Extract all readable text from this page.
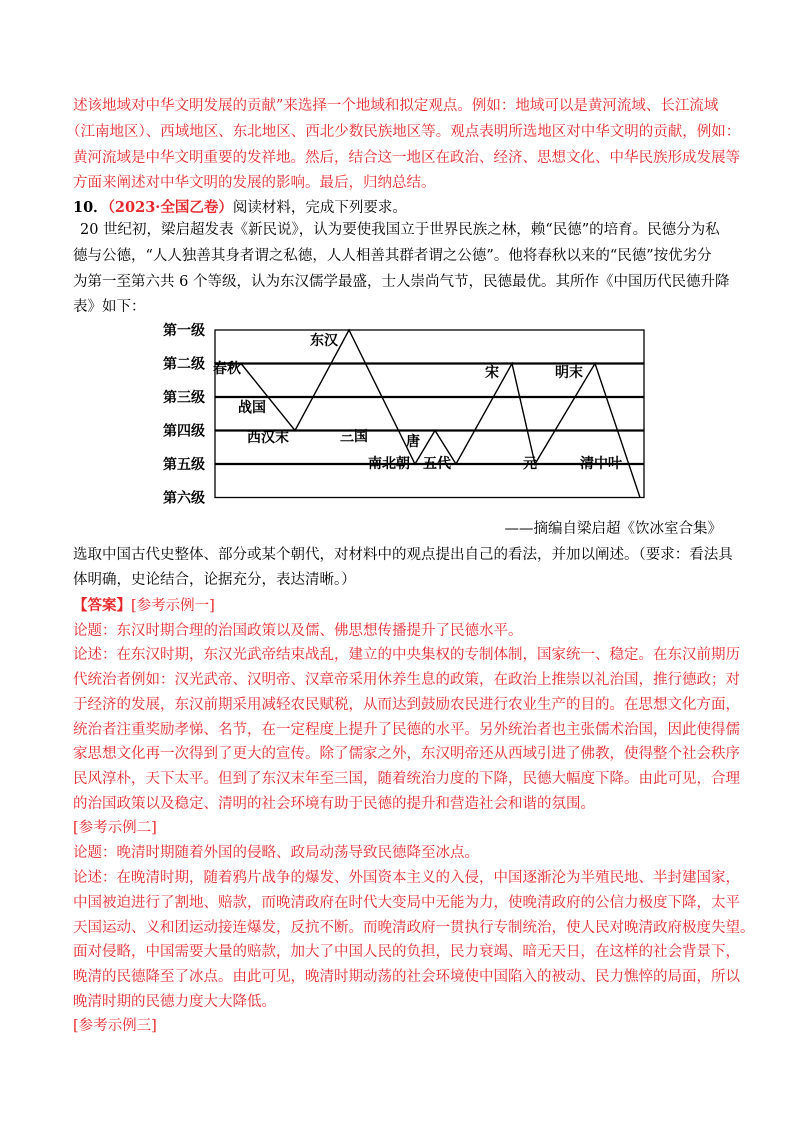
述该地域对中华文明发展的贡献”来选择一个地域和拟定观点。例如：地域可以是黄河流域、长江流域
（江南地区）、西域地区、东北地区、西北少数民族地区等。观点表明所选地区对中华文明的贡献，例如：
黄河流域是中华文明重要的发祥地。然后，结合这一地区在政治、经济、思想文化、中华民族形成发展等
方面来阐述对中华文明的发展的影响。最后，归纳总结。
10．（2023·全国乙卷）阅读材料，完成下列要求。
20 世纪初，梁启超发表《新民说》，认为要使我国立于世界民族之林，赖“民德”的培育。民德分为私
德与公德，“人人独善其身者谓之私德，人人相善其群者谓之公德”。他将春秋以来的“民德”按优劣分
为第一至第六共 6 个等级，认为东汉儒学最盛，士人崇尚气节，民德最优。其所作《中国历代民德升降
表》如下：
第一级
第二级
第三级
第四级
第五级
第六级
春秋
战国
西汉末
东汉
三国
南北朝
唐
五代
宋
元
明末
清中叶
——摘编自梁启超《饮冰室合集》
选取中国古代史整体、部分或某个朝代，对材料中的观点提出自己的看法，并加以阐述。（要求：看法具
体明确，史论结合，论据充分，表达清晰。）
【答案】[参考示例一]
论题：东汉时期合理的治国政策以及儒、佛思想传播提升了民德水平。
论述：在东汉时期，东汉光武帝结束战乱，建立的中央集权的专制体制，国家统一、稳定。在东汉前期历
代统治者例如：汉光武帝、汉明帝、汉章帝采用休养生息的政策，在政治上推崇以礼治国，推行德政；对
于经济的发展，东汉前期采用减轻农民赋税，从而达到鼓励农民进行农业生产的目的。在思想文化方面，
统治者注重奖励孝悌、名节，在一定程度上提升了民德的水平。另外统治者也主张儒术治国，因此使得儒
家思想文化再一次得到了更大的宣传。除了儒家之外，东汉明帝还从西域引进了佛教，使得整个社会秩序
民风淳朴，天下太平。但到了东汉末年至三国，随着统治力度的下降，民德大幅度下降。由此可见，合理
的治国政策以及稳定、清明的社会环境有助于民德的提升和营造社会和谐的氛围。
[参考示例二]
论题：晚清时期随着外国的侵略、政局动荡导致民德降至冰点。
论述：在晚清时期，随着鸦片战争的爆发、外国资本主义的入侵，中国逐渐沦为半殖民地、半封建国家，
中国被迫进行了割地、赔款，而晚清政府在时代大变局中无能为力，使晚清政府的公信力极度下降，太平
天国运动、义和团运动接连爆发，反抗不断。而晚清政府一贯执行专制统治，使人民对晚清政府极度失望。
面对侵略，中国需要大量的赔款，加大了中国人民的负担，民力衰竭、暗无天日，在这样的社会背景下，
晚清的民德降至了冰点。由此可见，晚清时期动荡的社会环境使中国陷入的被动、民力憔悴的局面，所以
晚清时期的民德力度大大降低。
[参考示例三]
